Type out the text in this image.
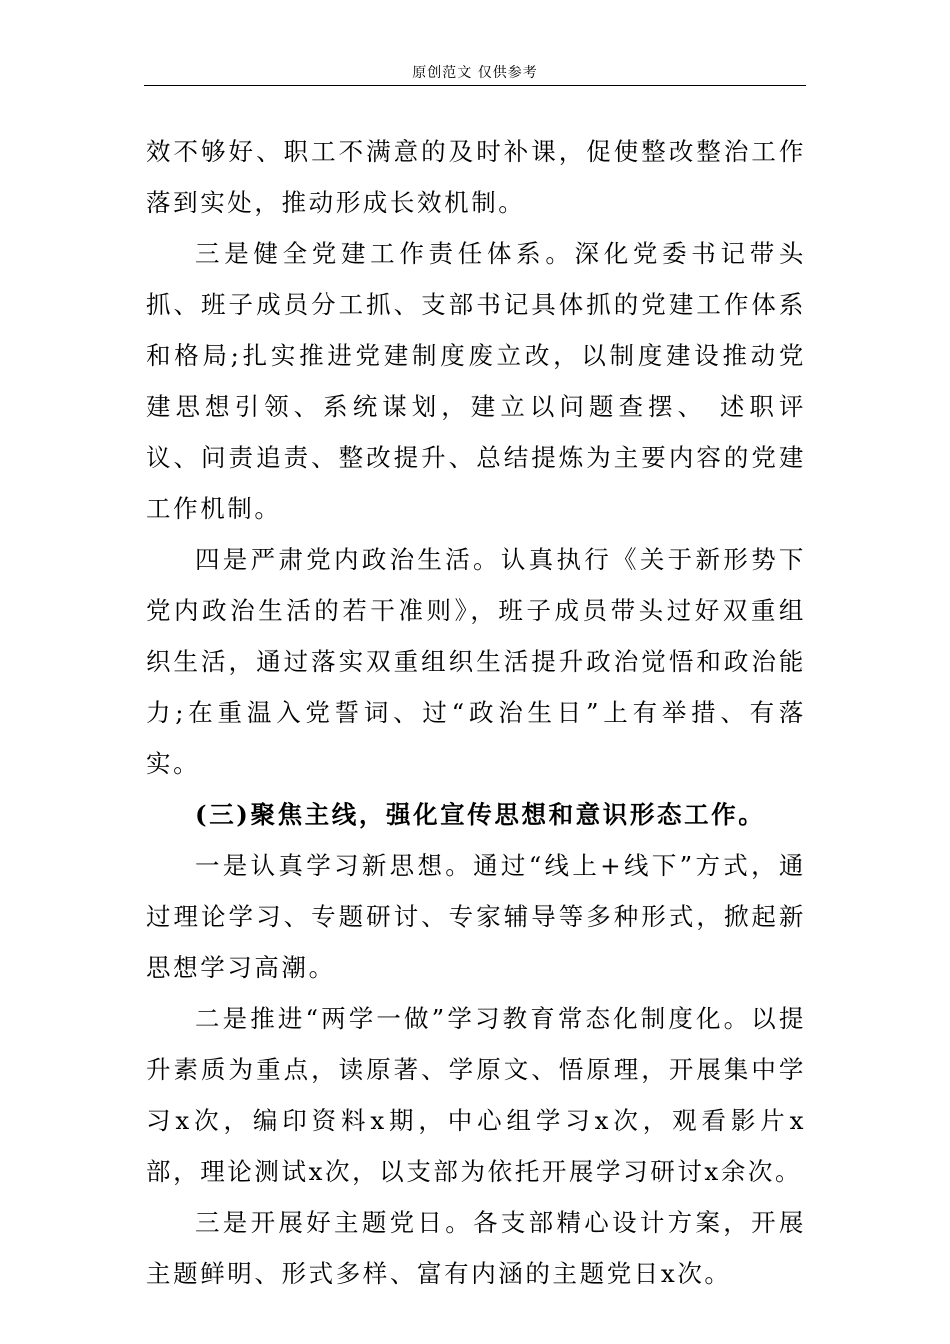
原创范文 仅供参考

效不够好、职工不满意的及时补课，促使整改整治工作落到实处，推动形成长效机制。

三是健全党建工作责任体系。深化党委书记带头抓、班子成员分工抓、支部书记具体抓的党建工作体系和格局;扎实推进党建制度废立改，以制度建设推动党建思想引领、系统谋划，建立以问题查摆、 述职评议、问责追责、整改提升、总结提炼为主要内容的党建工作机制。

四是严肃党内政治生活。认真执行《关于新形势下党内政治生活的若干准则》，班子成员带头过好双重组织生活，通过落实双重组织生活提升政治觉悟和政治能力;在重温入党誓词、过“政治生日”上有举措、有落实。

(三)聚焦主线，强化宣传思想和意识形态工作。

一是认真学习新思想。通过“线上+线下”方式，通过理论学习、专题研讨、专家辅导等多种形式，掀起新思想学习高潮。

二是推进“两学一做”学习教育常态化制度化。以提升素质为重点，读原著、学原文、悟原理，开展集中学习x次，编印资料x期，中心组学习x次，观看影片x部，理论测试x次，以支部为依托开展学习研讨x余次。

三是开展好主题党日。各支部精心设计方案，开展主题鲜明、形式多样、富有内涵的主题党日x次。
